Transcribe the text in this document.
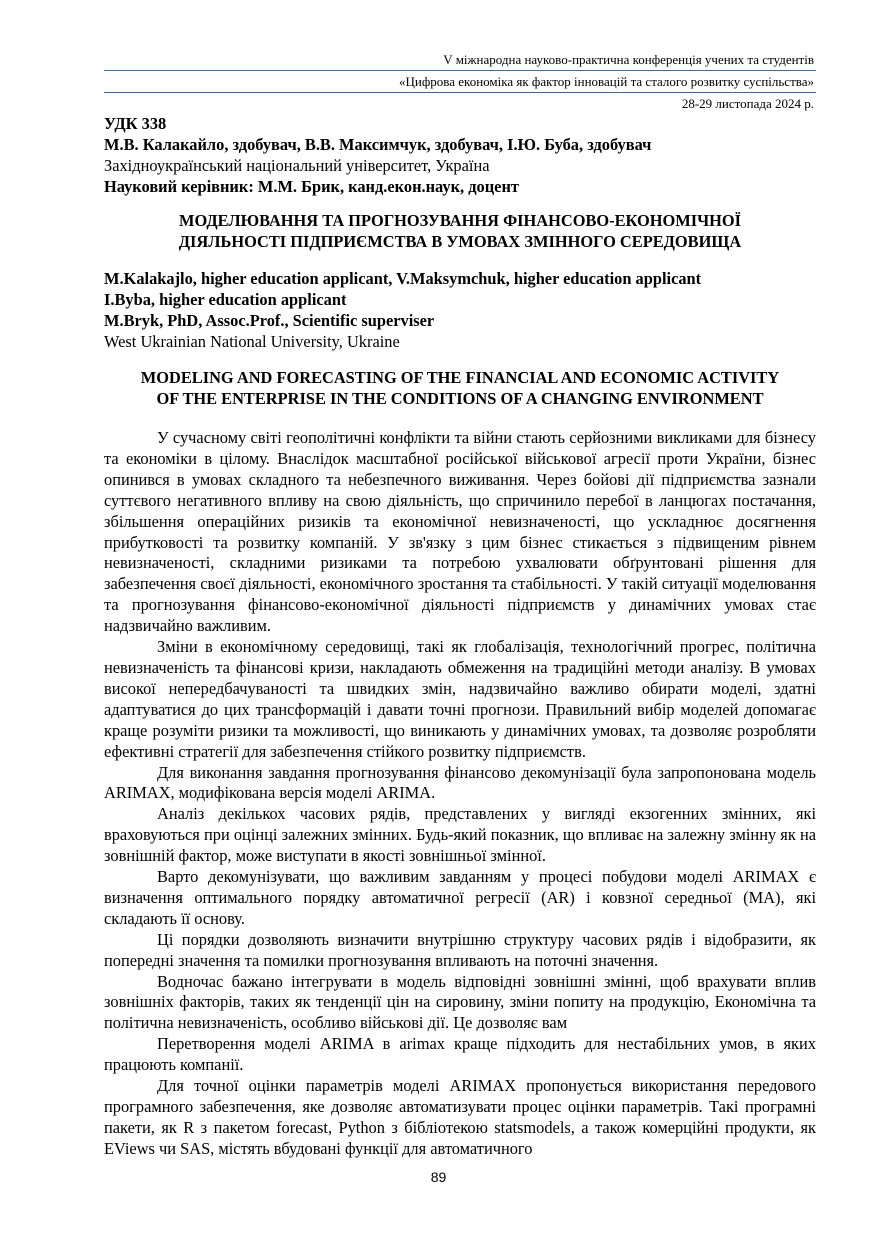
V міжнародна науково-практична конференція учених та студентів
«Цифрова економіка як фактор інновацій та сталого розвитку суспільства»
28-29 листопада 2024 р.
УДК 338
М.В. Калакайло, здобувач, В.В. Максимчук, здобувач, І.Ю. Буба, здобувач
Західноукраїнський національний університет, Україна
Науковий керівник: М.М. Брик, канд.екон.наук, доцент
МОДЕЛЮВАННЯ ТА ПРОГНОЗУВАННЯ ФІНАНСОВО-ЕКОНОМІЧНОЇ
ДІЯЛЬНОСТІ ПІДПРИЄМСТВА В УМОВАХ ЗМІННОГО СЕРЕДОВИЩА
M.Kalakajlo, higher education applicant, V.Maksymchuk, higher education applicant
I.Byba, higher education applicant
M.Bryk, PhD, Assoc.Prof., Scientific superviser
West Ukrainian National University, Ukraine
MODELING AND FORECASTING OF THE FINANCIAL AND ECONOMIC ACTIVITY
OF THE ENTERPRISE IN THE CONDITIONS OF A CHANGING ENVIRONMENT

У сучасному світі геополітичні конфлікти та війни стають серйозними викликами для бізнесу та економіки в цілому. Внаслідок масштабної російської військової агресії проти України, бізнес опинився в умовах складного та небезпечного виживання. Через бойові дії підприємства зазнали суттєвого негативного впливу на свою діяльність, що спричинило перебої в ланцюгах постачання, збільшення операційних ризиків та економічної невизначеності, що ускладнює досягнення прибутковості та розвитку компаній. У зв'язку з цим бізнес стикається з підвищеним рівнем невизначеності, складними ризиками та потребою ухвалювати обґрунтовані рішення для забезпечення своєї діяльності, економічного зростання та стабільності. У такій ситуації моделювання та прогнозування фінансово-економічної діяльності підприємств у динамічних умовах стає надзвичайно важливим.

Зміни в економічному середовищі, такі як глобалізація, технологічний прогрес, політична невизначеність та фінансові кризи, накладають обмеження на традиційні методи аналізу. В умовах високої непередбачуваності та швидких змін, надзвичайно важливо обирати моделі, здатні адаптуватися до цих трансформацій і давати точні прогнози. Правильний вибір моделей допомагає краще розуміти ризики та можливості, що виникають у динамічних умовах, та дозволяє розробляти ефективні стратегії для забезпечення стійкого розвитку підприємств.

Для виконання завдання прогнозування фінансово декомунізації була запропонована модель ARIMAX, модифікована версія моделі ARIMA.

Аналіз декількох часових рядів, представлених у вигляді екзогенних змінних, які враховуються при оцінці залежних змінних. Будь-який показник, що впливає на залежну змінну як на зовнішній фактор, може виступати в якості зовнішньої змінної.

Варто декомунізувати, що важливим завданням у процесі побудови моделі ARIMAX є визначення оптимального порядку автоматичної регресії (AR) і ковзної середньої (MA), які складають її основу.

Ці порядки дозволяють визначити внутрішню структуру часових рядів і відобразити, як попередні значення та помилки прогнозування впливають на поточні значення.

Водночас бажано інтегрувати в модель відповідні зовнішні змінні, щоб врахувати вплив зовнішніх факторів, таких як тенденції цін на сировину, зміни попиту на продукцію, Економічна та політична невизначеність, особливо військові дії. Це дозволяє вам

Перетворення моделі ARIMA в arimax краще підходить для нестабільних умов, в яких працюють компанії.

Для точної оцінки параметрів моделі ARIMAX пропонується використання передового програмного забезпечення, яке дозволяє автоматизувати процес оцінки параметрів. Такі програмні пакети, як R з пакетом forecast, Python з бібліотекою statsmodels, а також комерційні продукти, як EViews чи SAS, містять вбудовані функції для автоматичного

89
